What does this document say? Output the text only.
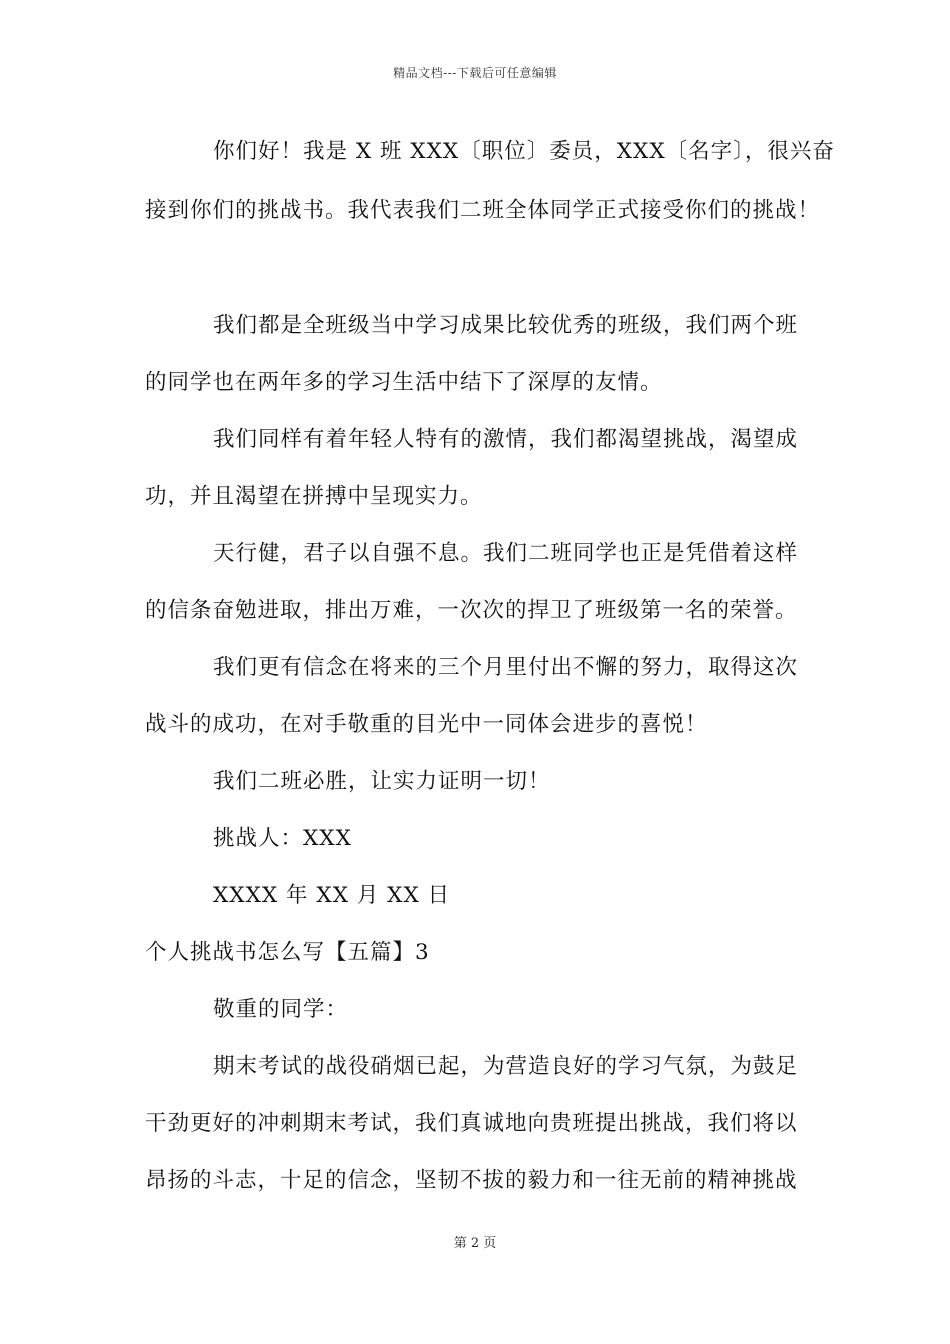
精品文档---下载后可任意编辑
你们好！我是 X 班 XXX〔职位〕委员，XXX〔名字〕，很兴奋
接到你们的挑战书。我代表我们二班全体同学正式接受你们的挑战！
我们都是全班级当中学习成果比较优秀的班级，我们两个班
的同学也在两年多的学习生活中结下了深厚的友情。
我们同样有着年轻人特有的激情，我们都渴望挑战，渴望成
功，并且渴望在拼搏中呈现实力。
天行健，君子以自强不息。我们二班同学也正是凭借着这样
的信条奋勉进取，排出万难，一次次的捍卫了班级第一名的荣誉。
我们更有信念在将来的三个月里付出不懈的努力，取得这次
战斗的成功，在对手敬重的目光中一同体会进步的喜悦！
我们二班必胜，让实力证明一切！
挑战人：XXX
XXXX 年 XX 月 XX 日
个人挑战书怎么写【五篇】3
敬重的同学：
期末考试的战役硝烟已起，为营造良好的学习气氛，为鼓足
干劲更好的冲刺期末考试，我们真诚地向贵班提出挑战，我们将以
昂扬的斗志，十足的信念，坚韧不拔的毅力和一往无前的精神挑战
第 2 页
